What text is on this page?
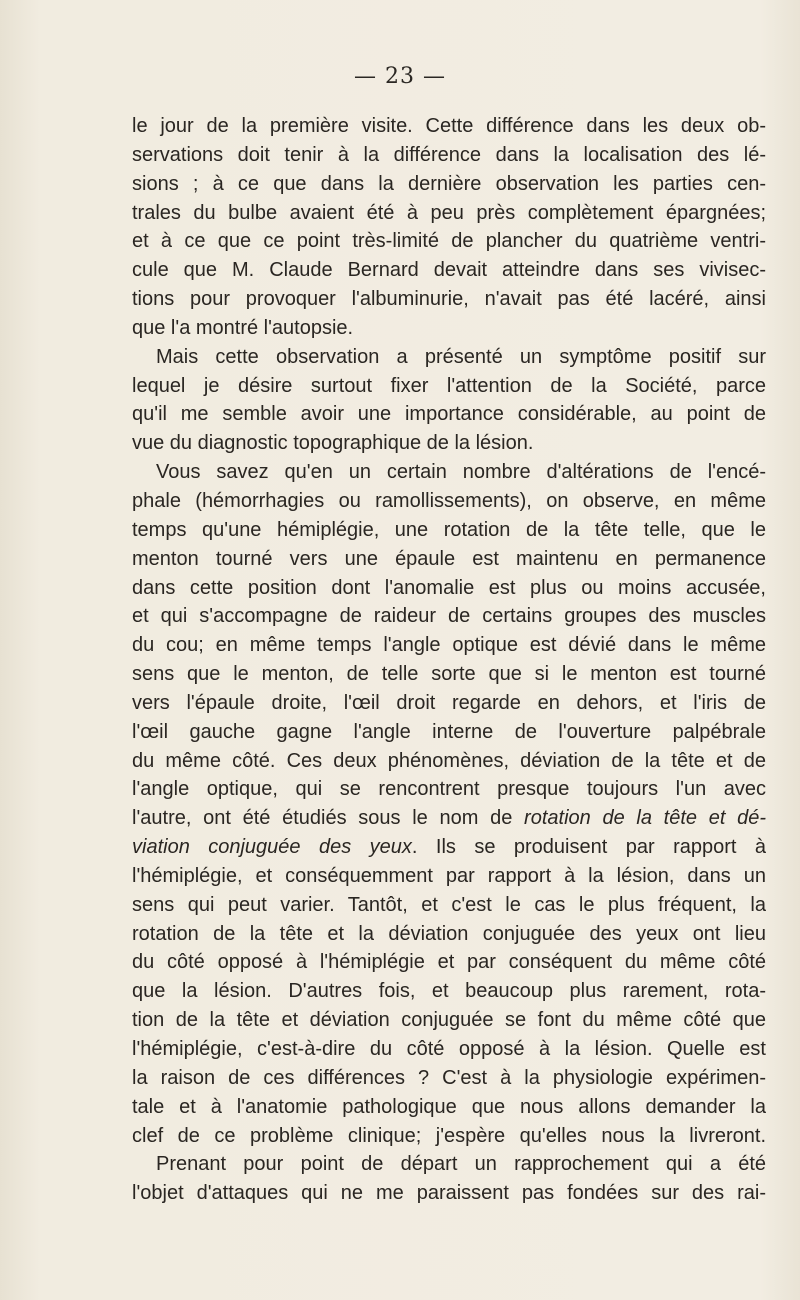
— 23 —
le jour de la première visite. Cette différence dans les deux ob-
servations doit tenir à la différence dans la localisation des lé-
sions ; à ce que dans la dernière observation les parties cen-
trales du bulbe avaient été à peu près complètement épargnées;
et à ce que ce point très-limité de plancher du quatrième ventri-
cule que M. Claude Bernard devait atteindre dans ses vivisec-
tions pour provoquer l'albuminurie, n'avait pas été lacéré, ainsi
que l'a montré l'autopsie.
Mais cette observation a présenté un symptôme positif sur
lequel je désire surtout fixer l'attention de la Société, parce
qu'il me semble avoir une importance considérable, au point de
vue du diagnostic topographique de la lésion.
Vous savez qu'en un certain nombre d'altérations de l'encé-
phale (hémorrhagies ou ramollissements), on observe, en même
temps qu'une hémiplégie, une rotation de la tête telle, que le
menton tourné vers une épaule est maintenu en permanence
dans cette position dont l'anomalie est plus ou moins accusée,
et qui s'accompagne de raideur de certains groupes des muscles
du cou; en même temps l'angle optique est dévié dans le même
sens que le menton, de telle sorte que si le menton est tourné
vers l'épaule droite, l'œil droit regarde en dehors, et l'iris de
l'œil gauche gagne l'angle interne de l'ouverture palpébrale
du même côté. Ces deux phénomènes, déviation de la tête et de
l'angle optique, qui se rencontrent presque toujours l'un avec
l'autre, ont été étudiés sous le nom de rotation de la tête et dé-
viation conjuguée des yeux. Ils se produisent par rapport à
l'hémiplégie, et conséquemment par rapport à la lésion, dans un
sens qui peut varier. Tantôt, et c'est le cas le plus fréquent, la
rotation de la tête et la déviation conjuguée des yeux ont lieu
du côté opposé à l'hémiplégie et par conséquent du même côté
que la lésion. D'autres fois, et beaucoup plus rarement, rota-
tion de la tête et déviation conjuguée se font du même côté que
l'hémiplégie, c'est-à-dire du côté opposé à la lésion. Quelle est
la raison de ces différences ? C'est à la physiologie expérimen-
tale et à l'anatomie pathologique que nous allons demander la
clef de ce problème clinique; j'espère qu'elles nous la livreront.
Prenant pour point de départ un rapprochement qui a été
l'objet d'attaques qui ne me paraissent pas fondées sur des rai-
